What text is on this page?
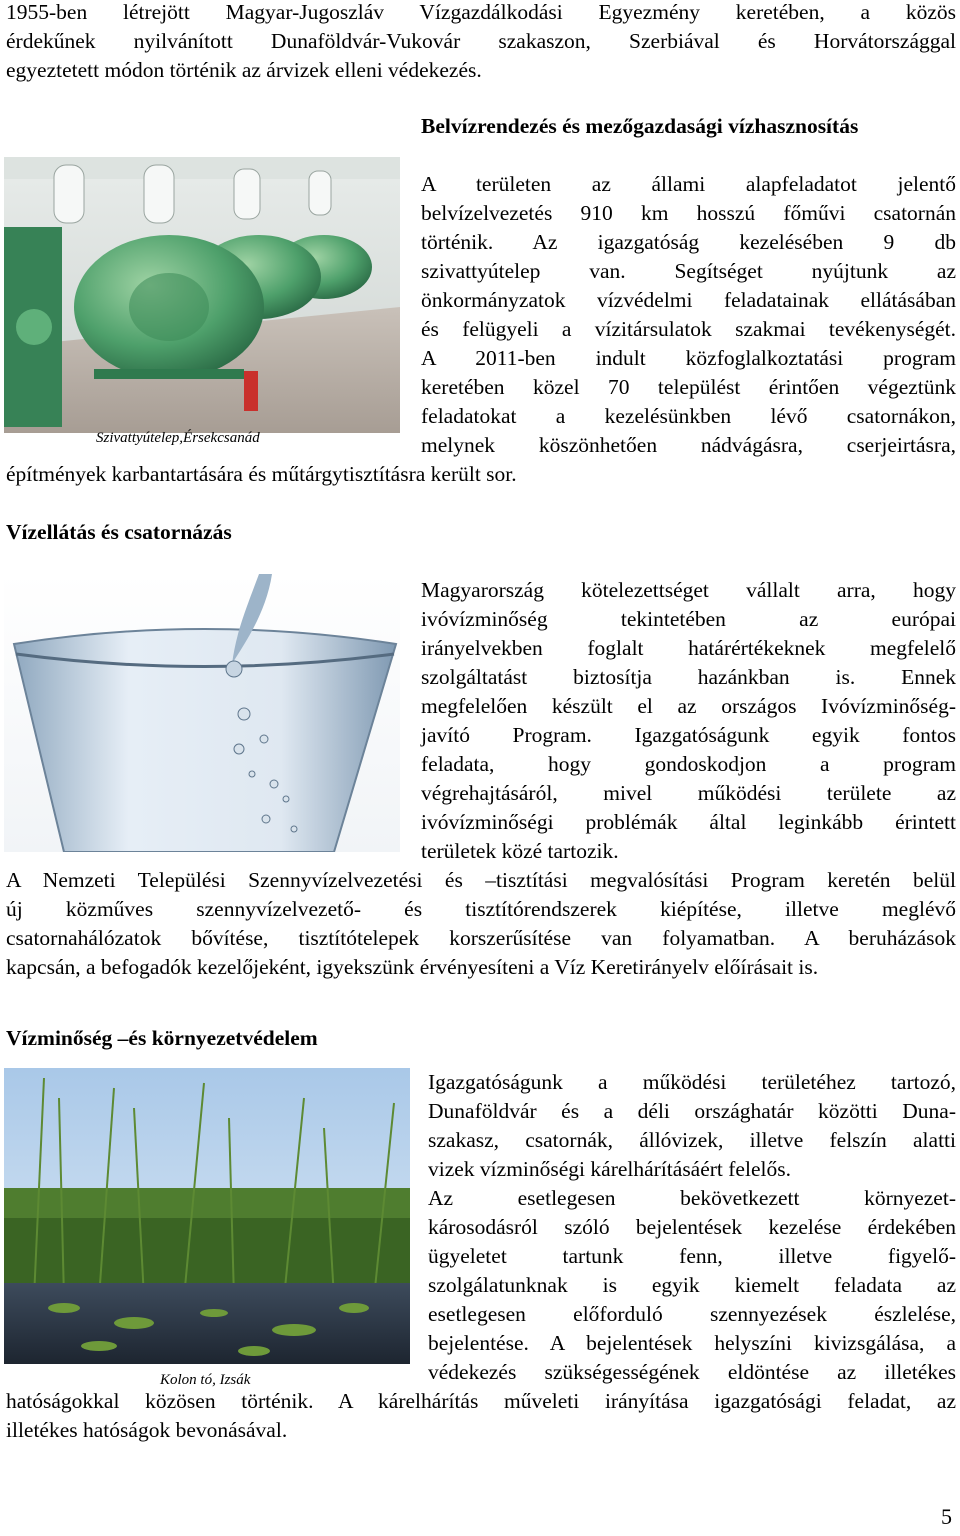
1955-ben létrejött Magyar-Jugoszláv Vízgazdálkodási Egyezmény keretében, a közös
érdekűnek nyilvánított Dunaföldvár-Vukovár szakaszon, Szerbiával és Horvátországgal
egyeztetett módon történik az árvizek elleni védekezés.
Belvízrendezés és mezőgazdasági vízhasznosítás
Szivattyútelep,Érsekcsanád
A területen az állami alapfeladatot jelentő
belvízelvezetés 910 km hosszú főművi csatornán
történik. Az igazgatóság kezelésében 9 db
szivattyútelep van. Segítséget nyújtunk az
önkormányzatok vízvédelmi feladatainak ellátásában
és felügyeli a vízitársulatok szakmai tevékenységét.
A 2011-ben indult közfoglalkoztatási program
keretében közel 70 települést érintően végeztünk
feladatokat a kezelésünkben lévő csatornákon,
melynek köszönhetően nádvágásra, cserjeirtásra,
építmények karbantartására és műtárgytisztításra került sor.
Vízellátás és csatornázás
Magyarország kötelezettséget vállalt arra, hogy
ivóvízminőség tekintetében az európai
irányelvekben foglalt határértékeknek megfelelő
szolgáltatást biztosítja hazánkban is. Ennek
megfelelően készült el az országos Ivóvízminőség-
javító Program. Igazgatóságunk egyik fontos
feladata, hogy gondoskodjon a program
végrehajtásáról, mivel működési területe az
ivóvízminőségi problémák által leginkább érintett
területek közé tartozik.
A Nemzeti Települési Szennyvízelvezetési és –tisztítási megvalósítási Program keretén belül
új közműves szennyvízelvezető- és tisztítórendszerek kiépítése, illetve meglévő
csatornahálózatok bővítése, tisztítótelepek korszerűsítése van folyamatban. A beruházások
kapcsán, a befogadók kezelőjeként, igyekszünk érvényesíteni a Víz Keretirányelv előírásait is.
Vízminőség –és környezetvédelem
Kolon tó, Izsák
Igazgatóságunk a működési területéhez tartozó,
Dunaföldvár és a déli országhatár közötti Duna-
szakasz, csatornák, állóvizek, illetve felszín alatti
vizek vízminőségi kárelhárításáért felelős.
Az esetlegesen bekövetkezett környezet-
károsodásról szóló bejelentések kezelése érdekében
ügyeletet tartunk fenn, illetve figyelő-
szolgálatunknak is egyik kiemelt feladata az
esetlegesen előforduló szennyezések észlelése,
bejelentése. A bejelentések helyszíni kivizsgálása, a
védekezés szükségességének eldöntése az illetékes
hatóságokkal közösen történik. A kárelhárítás műveleti irányítása igazgatósági feladat, az
illetékes hatóságok bevonásával.
5
